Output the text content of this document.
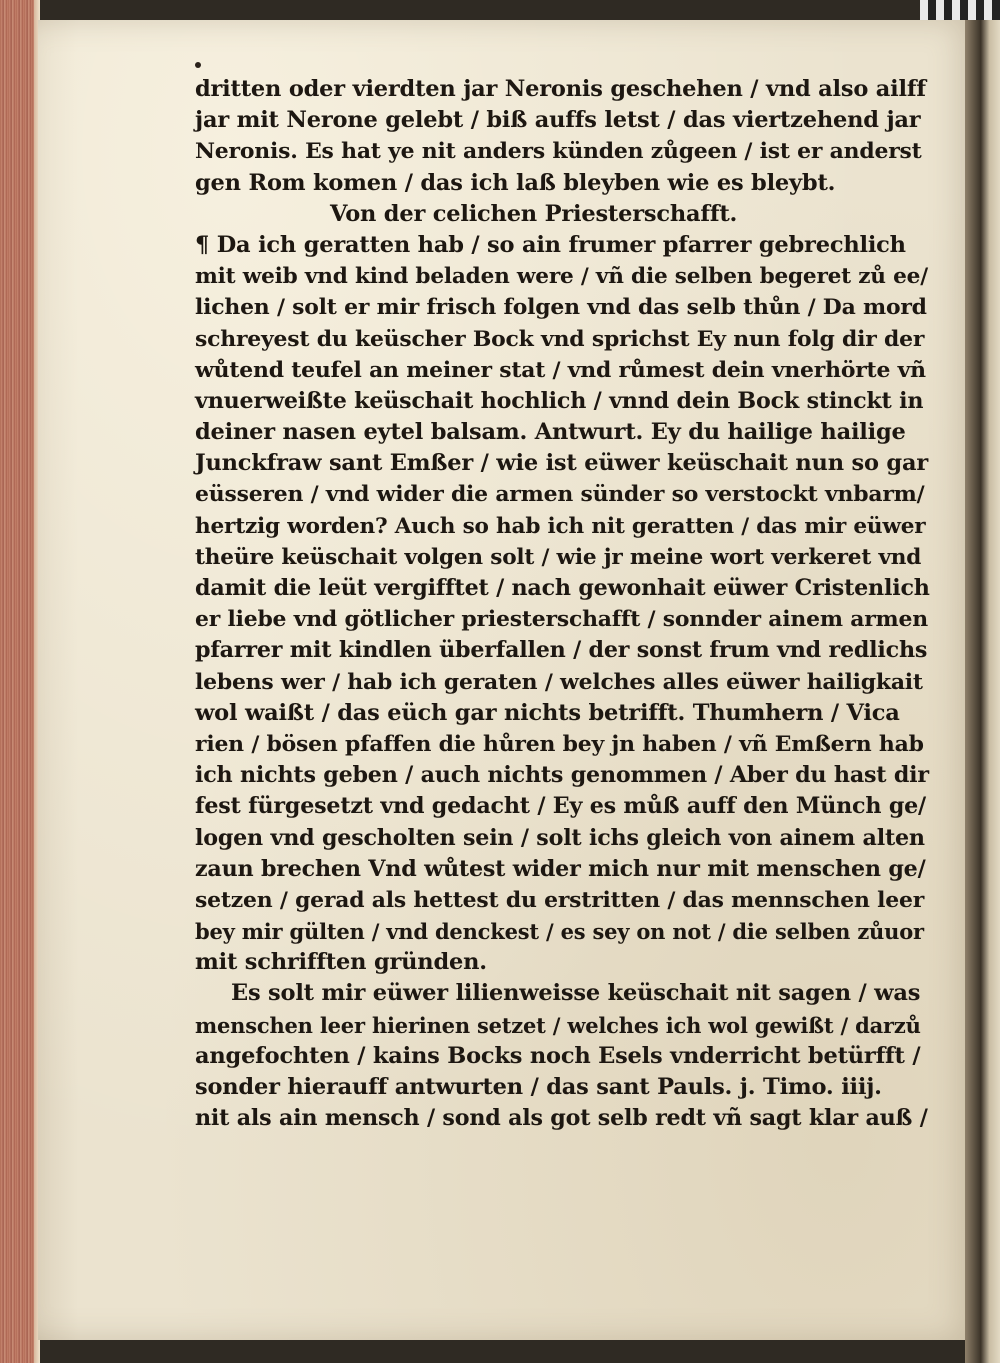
dritten oder vierdten jar Neronis geschehen / vnd also ailff
jar mit Nerone gelebt / biß auffs letst / das viertzehend jar
Neronis. Es hat ye nit anders künden zůgeen / ist er anderst
gen Rom komen / das ich laß bleyben wie es bleybt.
Von der celichen Priesterschafft.
¶ Da ich geratten hab / so ain frumer pfarrer gebrechlich
mit weib vnd kind beladen were / vñ die selben begeret zů ee/
lichen / solt er mir frisch folgen vnd das selb thůn / Da mord
schreyest du keüscher Bock vnd sprichst Ey nun folg dir der
wůtend teufel an meiner stat / vnd růmest dein vnerhörte vñ
vnuerweißte keüschait hochlich / vnnd dein Bock stinckt in
deiner nasen eytel balsam. Antwurt. Ey du hailige hailige
Junckfraw sant Emßer / wie ist eüwer keüschait nun so gar
eüsseren / vnd wider die armen sünder so verstockt vnbarm/
hertzig worden? Auch so hab ich nit geratten / das mir eüwer
theüre keüschait volgen solt / wie jr meine wort verkeret vnd
damit die leüt vergifftet / nach gewonhait eüwer Cristenlich
er liebe vnd götlicher priesterschafft / sonnder ainem armen
pfarrer mit kindlen überfallen / der sonst frum vnd redlichs
lebens wer / hab ich geraten / welches alles eüwer hailigkait
wol waißt / das eüch gar nichts betrifft. Thumhern / Vica
rien / bösen pfaffen die hůren bey jn haben / vñ Emßern hab
ich nichts geben / auch nichts genommen / Aber du hast dir
fest fürgesetzt vnd gedacht / Ey es můß auff den Münch ge/
logen vnd gescholten sein / solt ichs gleich von ainem alten
zaun brechen Vnd wůtest wider mich nur mit menschen ge/
setzen / gerad als hettest du erstritten / das mennschen leer
bey mir gülten / vnd denckest / es sey on not / die selben zůuor
mit schrifften gründen.
Es solt mir eüwer lilienweisse keüschait nit sagen / was
menschen leer hierinen setzet / welches ich wol gewißt / darzů
angefochten / kains Bocks noch Esels vnderricht betürfft /
sonder hierauff antwurten / das sant Pauls. j. Timo. iiij.
nit als ain mensch / sond als got selb redt vñ sagt klar auß /
